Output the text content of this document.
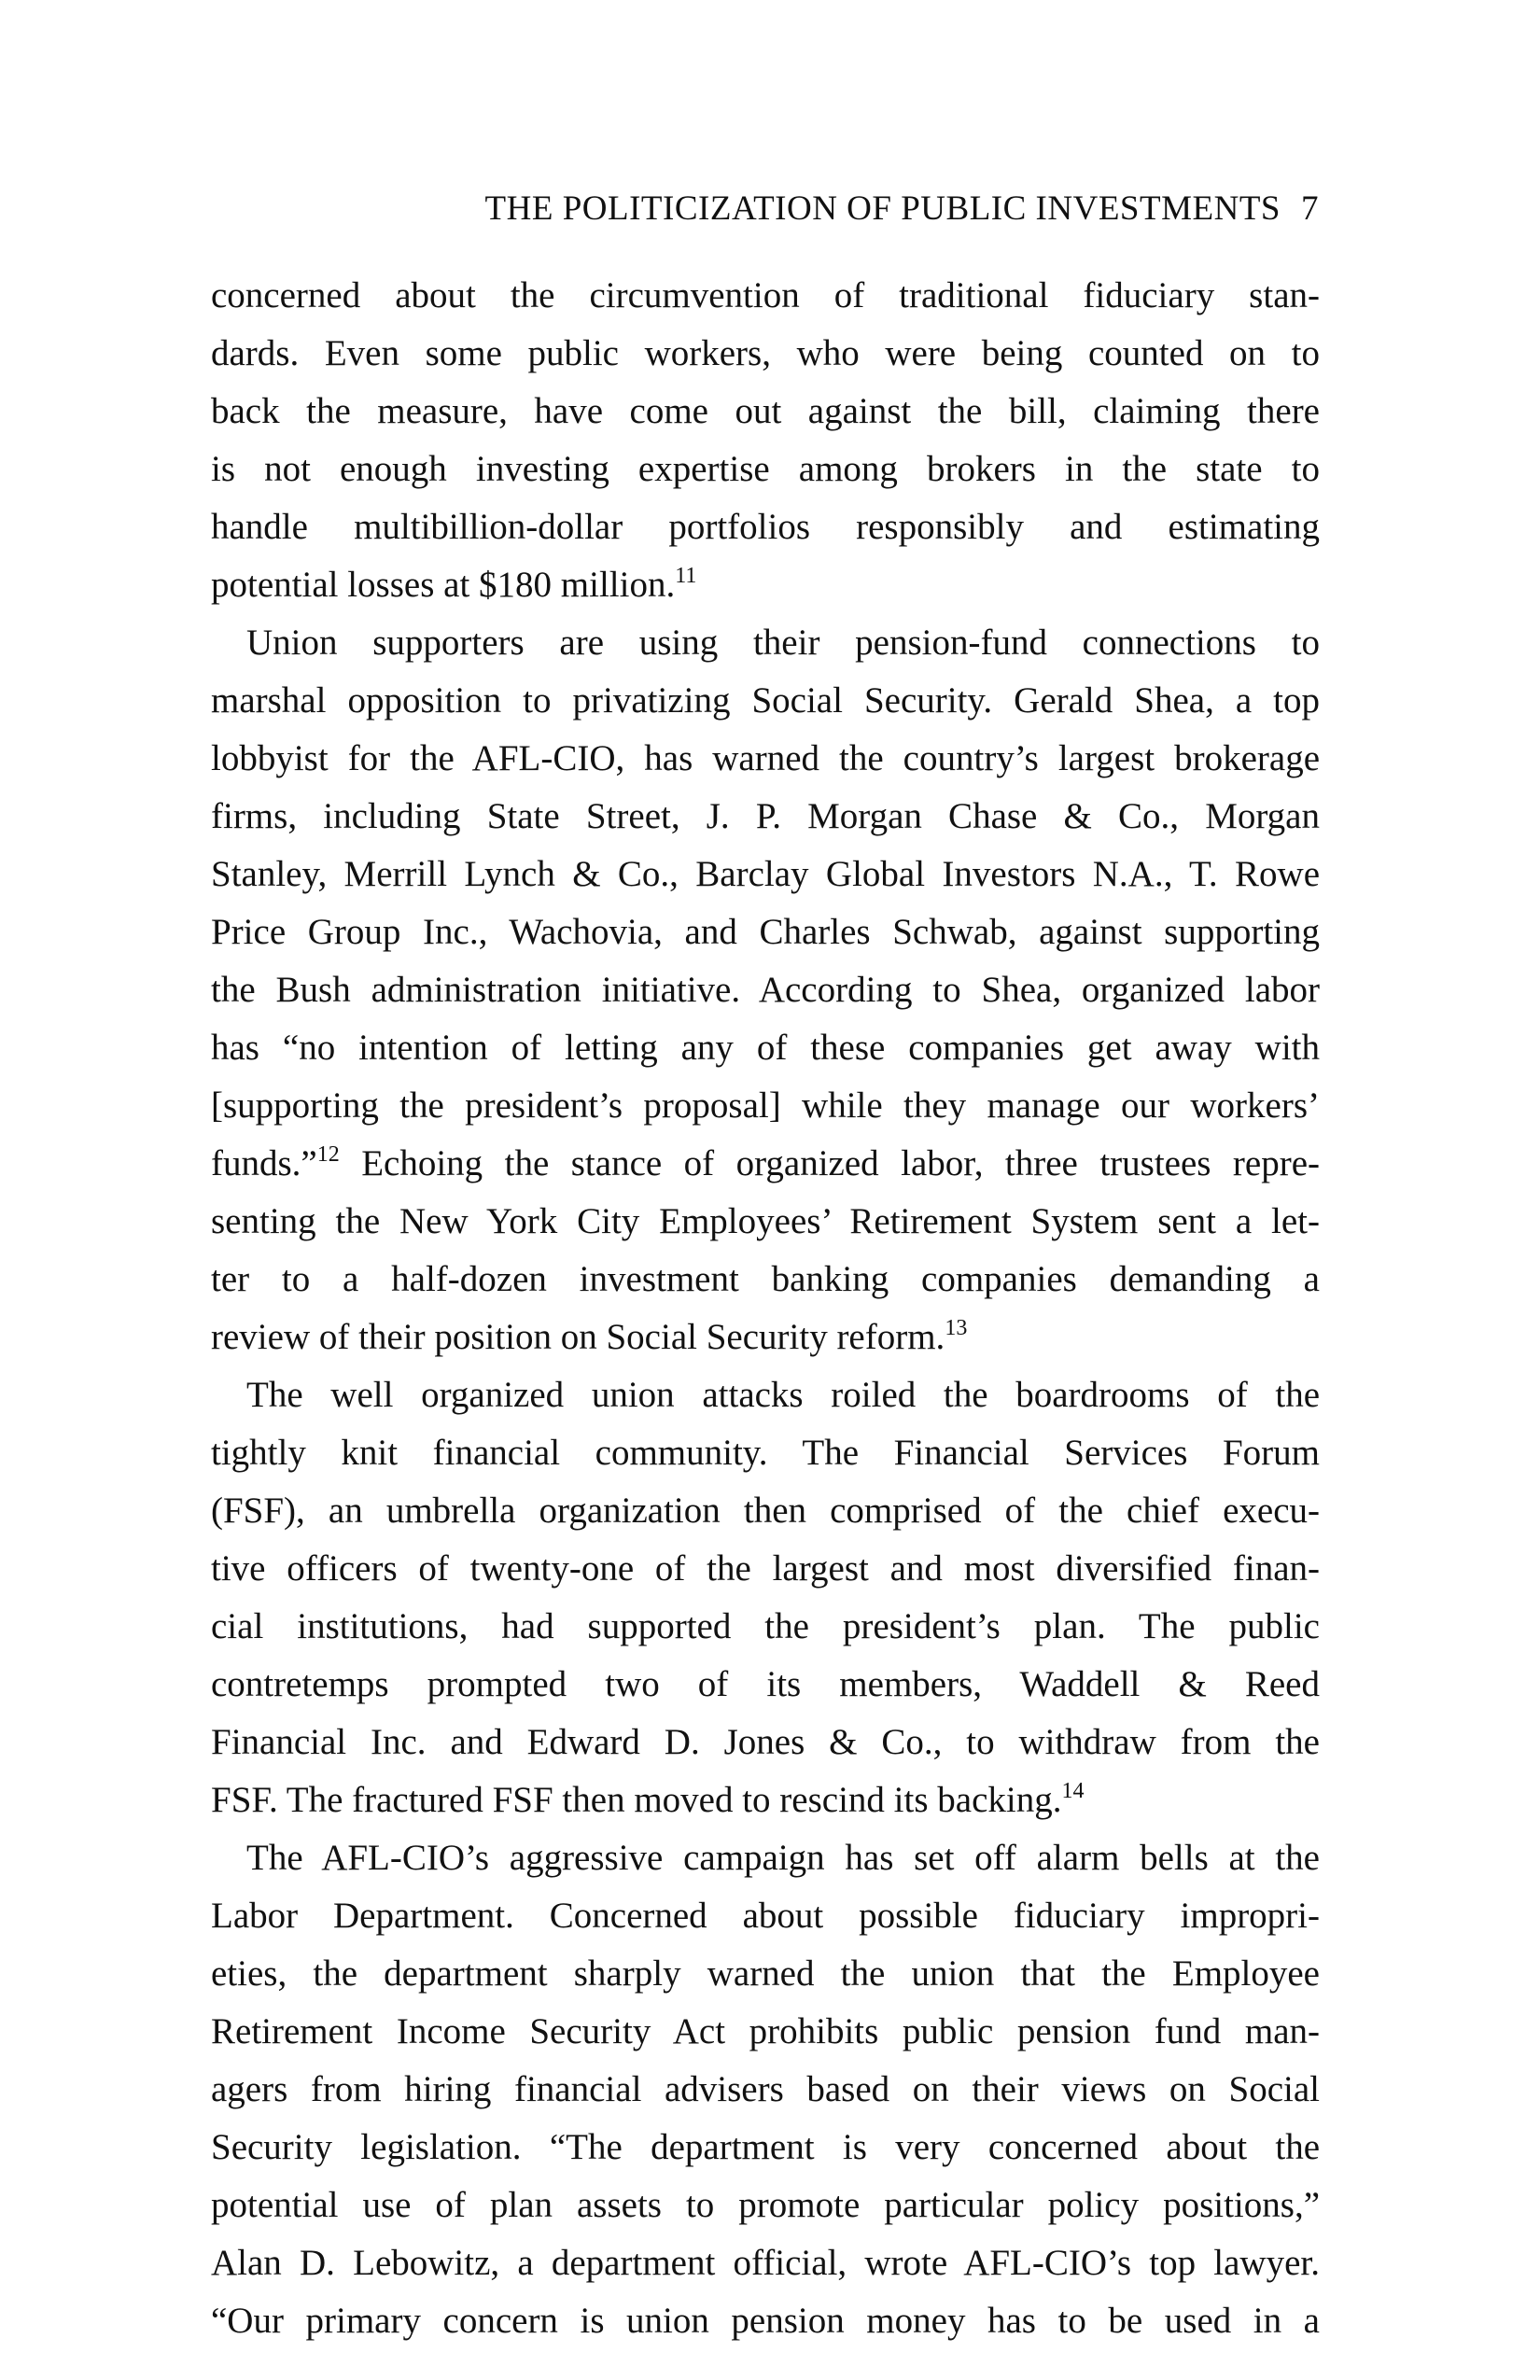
THE POLITICIZATION OF PUBLIC INVESTMENTS 7
concerned about the circumvention of traditional fiduciary stan-
dards. Even some public workers, who were being counted on to
back the measure, have come out against the bill, claiming there
is not enough investing expertise among brokers in the state to
handle multibillion-dollar portfolios responsibly and estimating
potential losses at $180 million.$^{11}$
Union supporters are using their pension-fund connections to
marshal opposition to privatizing Social Security. Gerald Shea, a top
lobbyist for the AFL-CIO, has warned the country’s largest brokerage
firms, including State Street, J. P. Morgan Chase & Co., Morgan
Stanley, Merrill Lynch & Co., Barclay Global Investors N.A., T. Rowe
Price Group Inc., Wachovia, and Charles Schwab, against supporting
the Bush administration initiative. According to Shea, organized labor
has “no intention of letting any of these companies get away with
[supporting the president’s proposal] while they manage our workers’
funds.”$^{12}$ Echoing the stance of organized labor, three trustees repre-
senting the New York City Employees’ Retirement System sent a let-
ter to a half-dozen investment banking companies demanding a
review of their position on Social Security reform.$^{13}$
The well organized union attacks roiled the boardrooms of the
tightly knit financial community. The Financial Services Forum
(FSF), an umbrella organization then comprised of the chief execu-
tive officers of twenty-one of the largest and most diversified finan-
cial institutions, had supported the president’s plan. The public
contretemps prompted two of its members, Waddell & Reed
Financial Inc. and Edward D. Jones & Co., to withdraw from the
FSF. The fractured FSF then moved to rescind its backing.$^{14}$
The AFL-CIO’s aggressive campaign has set off alarm bells at the
Labor Department. Concerned about possible fiduciary impropri-
eties, the department sharply warned the union that the Employee
Retirement Income Security Act prohibits public pension fund man-
agers from hiring financial advisers based on their views on Social
Security legislation. “The department is very concerned about the
potential use of plan assets to promote particular policy positions,”
Alan D. Lebowitz, a department official, wrote AFL-CIO’s top lawyer.
“Our primary concern is union pension money has to be used in a
